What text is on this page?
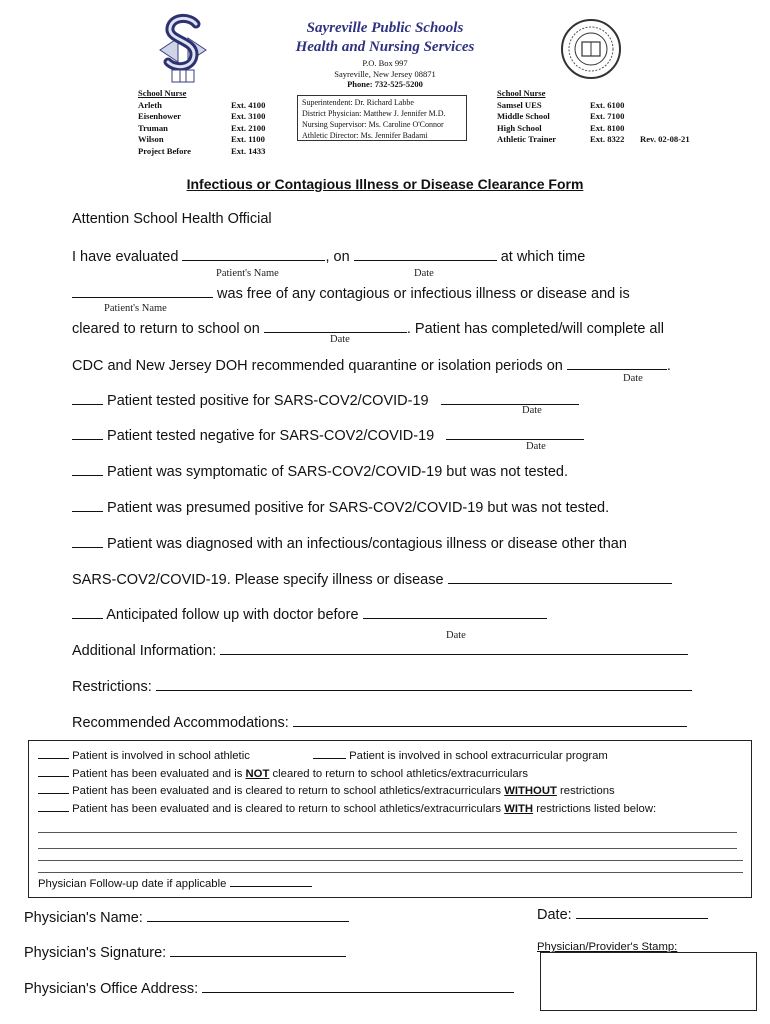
Sayreville Public Schools
Health and Nursing Services
P.O. Box 997
Sayreville, New Jersey 08871
Phone: 732-525-5200
School Nurse
Arleth	Ext. 4100
Eisenhower	Ext. 3100
Truman	Ext. 2100
Wilson	Ext. 1100
Project Before	Ext. 1433
Superintendent: Dr. Richard Labbe
District Physician: Matthew J. Jennifer M.D.
Nursing Supervisor: Ms. Caroline O'Connor
Athletic Director: Ms. Jennifer Badami
School Nurse
Samsel UES	Ext. 6100
Middle School	Ext. 7100
High School	Ext. 8100
Athletic Trainer	Ext. 8322 Rev. 02-08-21
Infectious or Contagious Illness or Disease Clearance Form
Attention School Health Official
I have evaluated	, on	at which time
Patient's Name	Date
was free of any contagious or infectious illness or disease and is
Patient's Name
cleared to return to school on	. Patient has completed/will complete all
Date
CDC and New Jersey DOH recommended quarantine or isolation periods on	.
Date
Patient tested positive for SARS-COV2/COVID-19
Date
Patient tested negative for SARS-COV2/COVID-19
Date
Patient was symptomatic of SARS-COV2/COVID-19 but was not tested.
Patient was presumed positive for SARS-COV2/COVID-19 but was not tested.
Patient was diagnosed with an infectious/contagious illness or disease other than
SARS-COV2/COVID-19. Please specify illness or disease
Anticipated follow up with doctor before
Date
Additional Information:
Restrictions:
Recommended Accommodations:
Patient is involved in school athletic	Patient is involved in school extracurricular program
Patient has been evaluated and is NOT cleared to return to school athletics/extracurriculars
Patient has been evaluated and is cleared to return to school athletics/extracurriculars WITHOUT restrictions
Patient has been evaluated and is cleared to return to school athletics/extracurriculars WITH restrictions listed below:
Physician Follow-up date if applicable
Physician's Name:	Date:
Physician's Signature:	Physician/Provider's Stamp:
Physician's Office Address:
